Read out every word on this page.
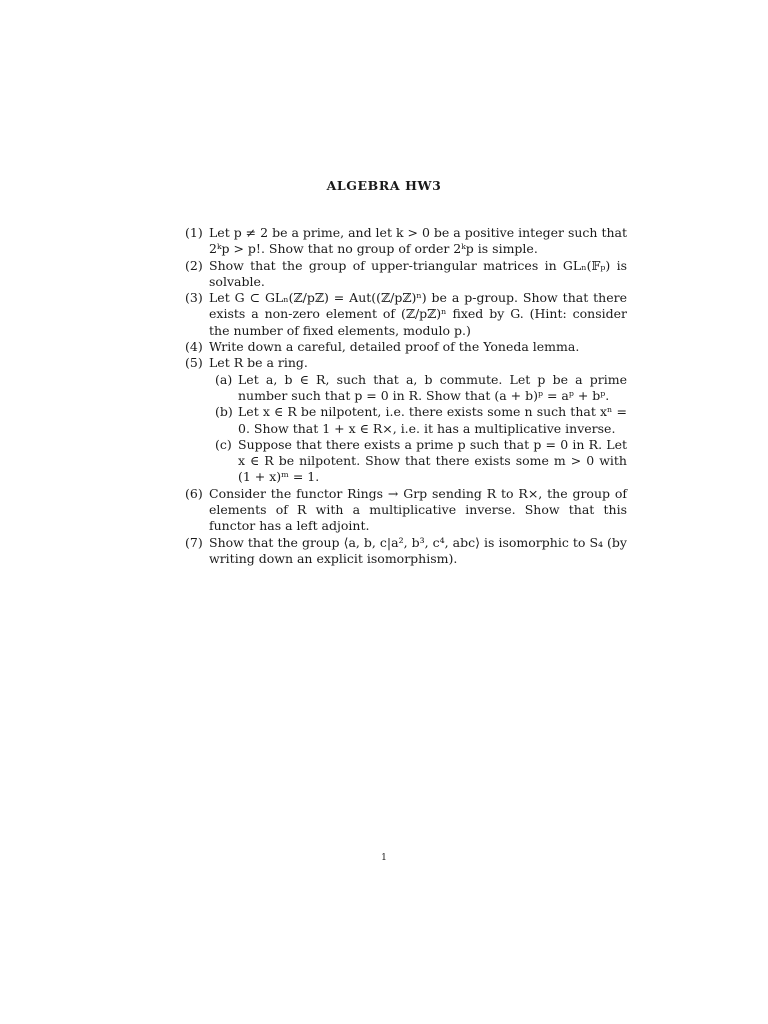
ALGEBRA HW3
(1) Let p ≠ 2 be a prime, and let k > 0 be a positive integer such that 2ᵏp > p!. Show that no group of order 2ᵏp is simple.
(2) Show that the group of upper-triangular matrices in GLₙ(𝔽ₚ) is solvable.
(3) Let G ⊂ GLₙ(ℤ/pℤ) = Aut((ℤ/pℤ)ⁿ) be a p-group. Show that there exists a non-zero element of (ℤ/pℤ)ⁿ fixed by G. (Hint: consider the number of fixed elements, modulo p.)
(4) Write down a careful, detailed proof of the Yoneda lemma.
(5) Let R be a ring.
(a) Let a, b ∈ R, such that a, b commute. Let p be a prime number such that p = 0 in R. Show that (a + b)ᵖ = aᵖ + bᵖ.
(b) Let x ∈ R be nilpotent, i.e. there exists some n such that xⁿ = 0. Show that 1 + x ∈ R×, i.e. it has a multiplicative inverse.
(c) Suppose that there exists a prime p such that p = 0 in R. Let x ∈ R be nilpotent. Show that there exists some m > 0 with (1 + x)ᵐ = 1.
(6) Consider the functor Rings → Grp sending R to R×, the group of elements of R with a multiplicative inverse. Show that this functor has a left adjoint.
(7) Show that the group ⟨a, b, c|a², b³, c⁴, abc⟩ is isomorphic to S₄ (by writing down an explicit isomorphism).
1
